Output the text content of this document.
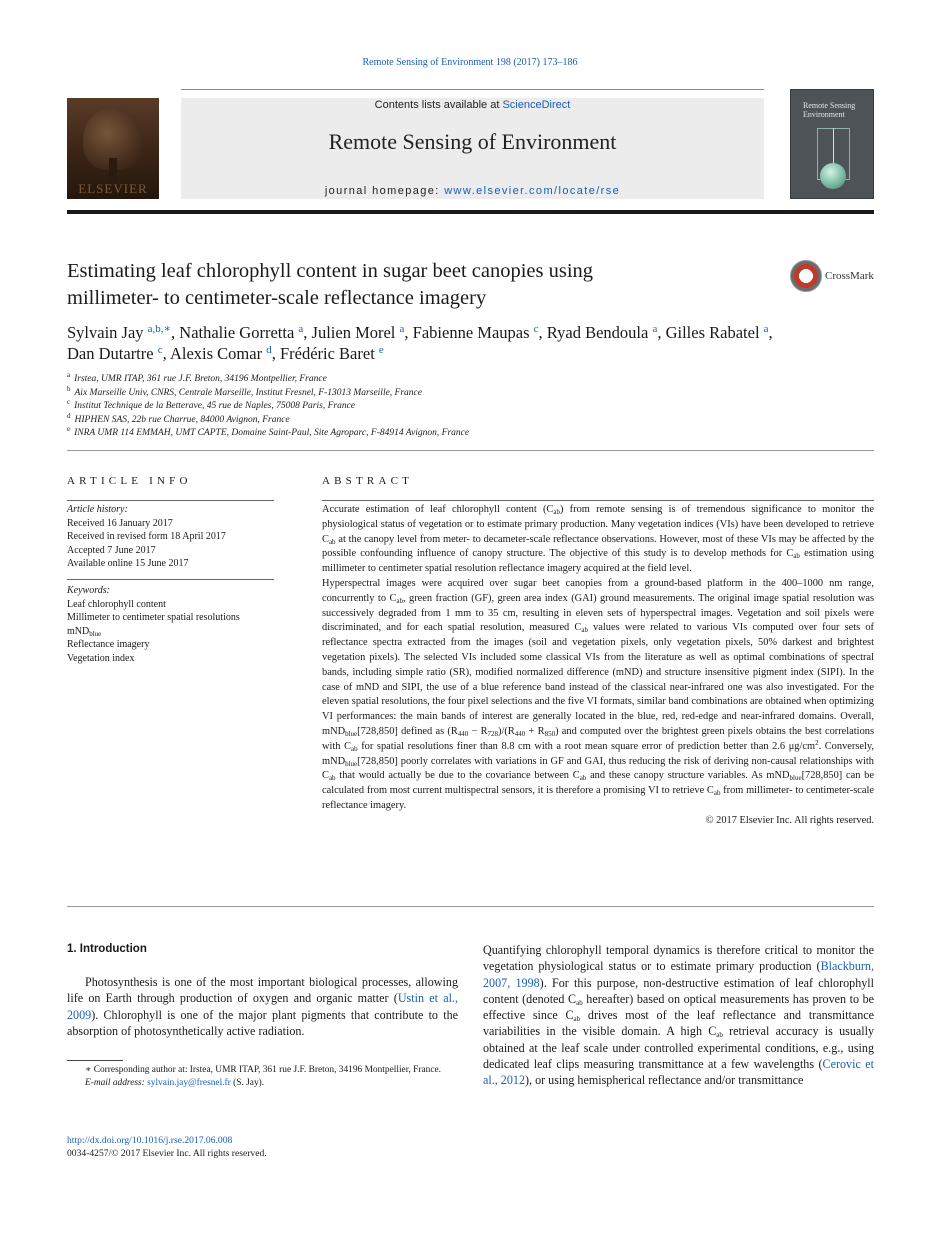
Remote Sensing of Environment 198 (2017) 173–186
ELSEVIER
Contents lists available at ScienceDirect
Remote Sensing of Environment
journal homepage: www.elsevier.com/locate/rse
Remote Sensing
Environment
Estimating leaf chlorophyll content in sugar beet canopies using
millimeter- to centimeter-scale reflectance imagery
CrossMark
Sylvain Jay $^{a,b,∗}$, Nathalie Gorretta $^a$, Julien Morel $^a$, Fabienne Maupas $^c$, Ryad Bendoula $^a$, Gilles Rabatel $^a$,
Dan Dutartre $^c$, Alexis Comar $^d$, Frédéric Baret $^e$
$^a$ Irstea, UMR ITAP, 361 rue J.F. Breton, 34196 Montpellier, France
$^b$ Aix Marseille Univ, CNRS, Centrale Marseille, Institut Fresnel, F-13013 Marseille, France
$^c$ Institut Technique de la Betterave, 45 rue de Naples, 75008 Paris, France
$^d$ HIPHEN SAS, 22b rue Charrue, 84000 Avignon, France
$^e$ INRA UMR 114 EMMAH, UMT CAPTE, Domaine Saint-Paul, Site Agroparc, F-84914 Avignon, France
ARTICLE INFO	ABSTRACT
Article history:
Received 16 January 2017
Received in revised form 18 April 2017
Accepted 7 June 2017
Available online 15 June 2017
Keywords:
Leaf chlorophyll content
Millimeter to centimeter spatial resolutions
mND$_{blue}$
Reflectance imagery
Vegetation index

Accurate estimation of leaf chlorophyll content $(C_{ab})$ from remote sensing is of tremendous significance to monitor the physiological status of vegetation or to estimate primary production. Many vegetation indices (VIs) have been developed to retrieve $C_{ab}$ at the canopy level from meter- to decameter-scale reflectance observations. However, most of these VIs may be affected by the possible confounding influence of canopy structure. The objective of this study is to develop methods for $C_{ab}$ estimation using millimeter to centimeter spatial resolution reflectance imagery acquired at the field level.

Hyperspectral images were acquired over sugar beet canopies from a ground-based platform in the 400–1000 nm range, concurrently to $C_{ab}$, green fraction (GF), green area index (GAI) ground measurements. The original image spatial resolution was successively degraded from 1 mm to 35 cm, resulting in eleven sets of hyperspectral images. Vegetation and soil pixels were discriminated, and for each spatial resolution, measured $C_{ab}$ values were related to various VIs computed over four sets of reflectance spectra extracted from the images (soil and vegetation pixels, only vegetation pixels, 50% darkest and brightest vegetation pixels). The selected VIs included some classical VIs from the literature as well as optimal combinations of spectral bands, including simple ratio (SR), modified normalized difference (mND) and structure insensitive pigment index (SIPI). In the case of mND and SIPI, the use of a blue reference band instead of the classical near-infrared one was also investigated. For the eleven spatial resolutions, the four pixel selections and the five VI formats, similar band combinations are obtained when optimizing VI performances: the main bands of interest are generally located in the blue, red, red-edge and near-infrared domains. Overall, mND$_{blue}$[728,850] defined as $(R_{440} - R_{728})/(R_{440} + R_{850})$ and computed over the brightest green pixels obtains the best correlations with $C_{ab}$ for spatial resolutions finer than 8.8 cm with a root mean square error of prediction better than 2.6 $\mu g/cm^2$. Conversely, mND$_{blue}$[728,850] poorly correlates with variations in GF and GAI, thus reducing the risk of deriving non-causal relationships with $C_{ab}$ that would actually be due to the covariance between $C_{ab}$ and these canopy structure variables. As mND$_{blue}$[728,850] can be calculated from most current multispectral sensors, it is therefore a promising VI to retrieve $C_{ab}$ from millimeter- to centimeter-scale reflectance imagery.

© 2017 Elsevier Inc. All rights reserved.

1. Introduction
Photosynthesis is one of the most important biological processes, allowing life on Earth through production of oxygen and organic matter (Ustin et al., 2009). Chlorophyll is one of the major plant pigments that contribute to the absorption of photosynthetically active radiation.
Quantifying chlorophyll temporal dynamics is therefore critical to monitor the vegetation physiological status or to estimate primary production (Blackburn, 2007, 1998). For this purpose, non-destructive estimation of leaf chlorophyll content (denoted $C_{ab}$ hereafter) based on optical measurements has proven to be effective since $C_{ab}$ drives most of the leaf reflectance and transmittance variabilities in the visible domain. A high $C_{ab}$ retrieval accuracy is usually obtained at the leaf scale under controlled experimental conditions, e.g., using dedicated leaf clips measuring transmittance at a few wavelengths (Cerovic et al., 2012), or using hemispherical reflectance and/or transmittance
∗ Corresponding author at: Irstea, UMR ITAP, 361 rue J.F. Breton, 34196 Montpellier, France.
E-mail address: sylvain.jay@fresnel.fr (S. Jay).
http://dx.doi.org/10.1016/j.rse.2017.06.008
0034-4257/© 2017 Elsevier Inc. All rights reserved.
